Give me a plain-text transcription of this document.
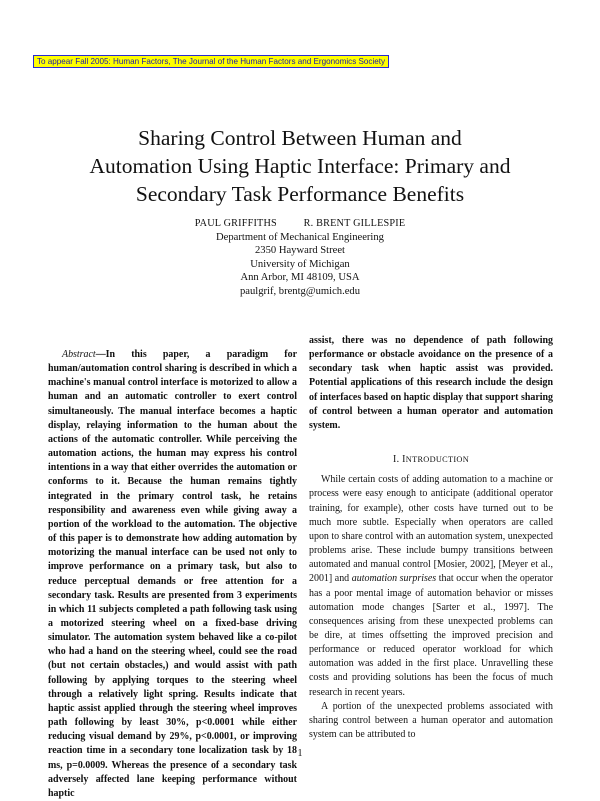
To appear Fall 2005: Human Factors, The Journal of the Human Factors and Ergonomics Society
Sharing Control Between Human and
Automation Using Haptic Interface: Primary and
Secondary Task Performance Benefits
PAUL GRIFFITHS	R. BRENT GILLESPIE
Department of Mechanical Engineering
2350 Hayward Street
University of Michigan
Ann Arbor, MI 48109, USA
paulgrif, brentg@umich.edu

Abstract—In this paper, a paradigm for human/automation control sharing is described in which a machine's manual control interface is motorized to allow a human and an automatic controller to exert control simultaneously. The manual interface becomes a haptic display, relaying information to the human about the actions of the automatic controller. While perceiving the automation actions, the human may express his control intentions in a way that either overrides the automation or conforms to it. Because the human remains tightly integrated in the primary control task, he retains responsibility and awareness even while giving away a portion of the workload to the automation. The objective of this paper is to demonstrate how adding automation by motorizing the manual interface can be used not only to improve performance on a primary task, but also to reduce perceptual demands or free attention for a secondary task. Results are presented from 3 experiments in which 11 subjects completed a path following task using a motorized steering wheel on a fixed-base driving simulator. The automation system behaved like a co-pilot who had a hand on the steering wheel, could see the road (but not certain obstacles,) and would assist with path following by applying torques to the steering wheel through a relatively light spring. Results indicate that haptic assist applied through the steering wheel improves path following by least 30%, p<0.0001 while either reducing visual demand by 29%, p<0.0001, or improving reaction time in a secondary tone localization task by 18 ms, p=0.0009. Whereas the presence of a secondary task adversely affected lane keeping performance without haptic

assist, there was no dependence of path following performance or obstacle avoidance on the presence of a secondary task when haptic assist was provided. Potential applications of this research include the design of interfaces based on haptic display that support sharing of control between a human operator and automation system.

I. INTRODUCTION

While certain costs of adding automation to a machine or process were easy enough to anticipate (additional operator training, for example), other costs have turned out to be much more subtle. Especially when operators are called upon to share control with an automation system, unexpected problems arise. These include bumpy transitions between automated and manual control [Mosier, 2002], [Meyer et al., 2001] and automation surprises that occur when the operator has a poor mental image of automation behavior or misses automation mode changes [Sarter et al., 1997]. The consequences arising from these unexpected problems can be dire, at times offsetting the improved precision and performance or reduced operator workload for which automation was added in the first place. Unravelling these costs and providing solutions has been the focus of much research in recent years.

A portion of the unexpected problems associated with sharing control between a human operator and automation system can be attributed to

1
